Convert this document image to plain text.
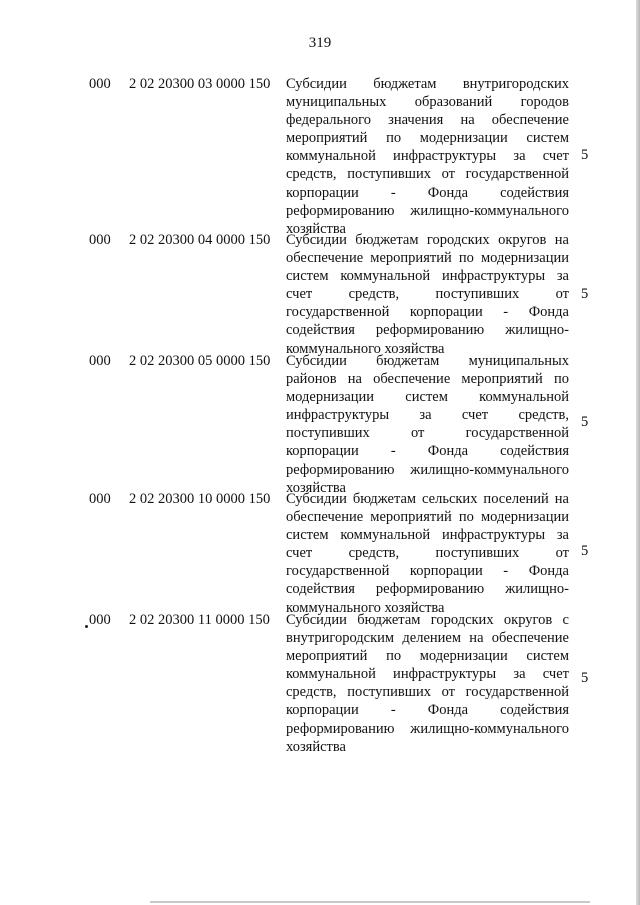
319
000 2 02 20300 03 0000 150 Субсидии бюджетам внутригородских муниципальных образований городов федерального значения на обеспечение мероприятий по модернизации систем коммунальной инфраструктуры за счет средств, поступивших от государственной корпорации - Фонда содействия реформированию жилищно-коммунального хозяйства
5
000 2 02 20300 04 0000 150 Субсидии бюджетам городских округов на обеспечение мероприятий по модернизации систем коммунальной инфраструктуры за счет средств, поступивших от государственной корпорации - Фонда содействия реформированию жилищно-коммунального хозяйства
5
000 2 02 20300 05 0000 150 Субсидии бюджетам муниципальных районов на обеспечение мероприятий по модернизации систем коммунальной инфраструктуры за счет средств, поступивших от государственной корпорации - Фонда содействия реформированию жилищно-коммунального хозяйства
5
000 2 02 20300 10 0000 150 Субсидии бюджетам сельских поселений на обеспечение мероприятий по модернизации систем коммунальной инфраструктуры за счет средств, поступивших от государственной корпорации - Фонда содействия реформированию жилищно-коммунального хозяйства
5
000 2 02 20300 11 0000 150 Субсидии бюджетам городских округов с внутригородским делением на обеспечение мероприятий по модернизации систем коммунальной инфраструктуры за счет средств, поступивших от государственной корпорации - Фонда содействия реформированию жилищно-коммунального хозяйства
5
